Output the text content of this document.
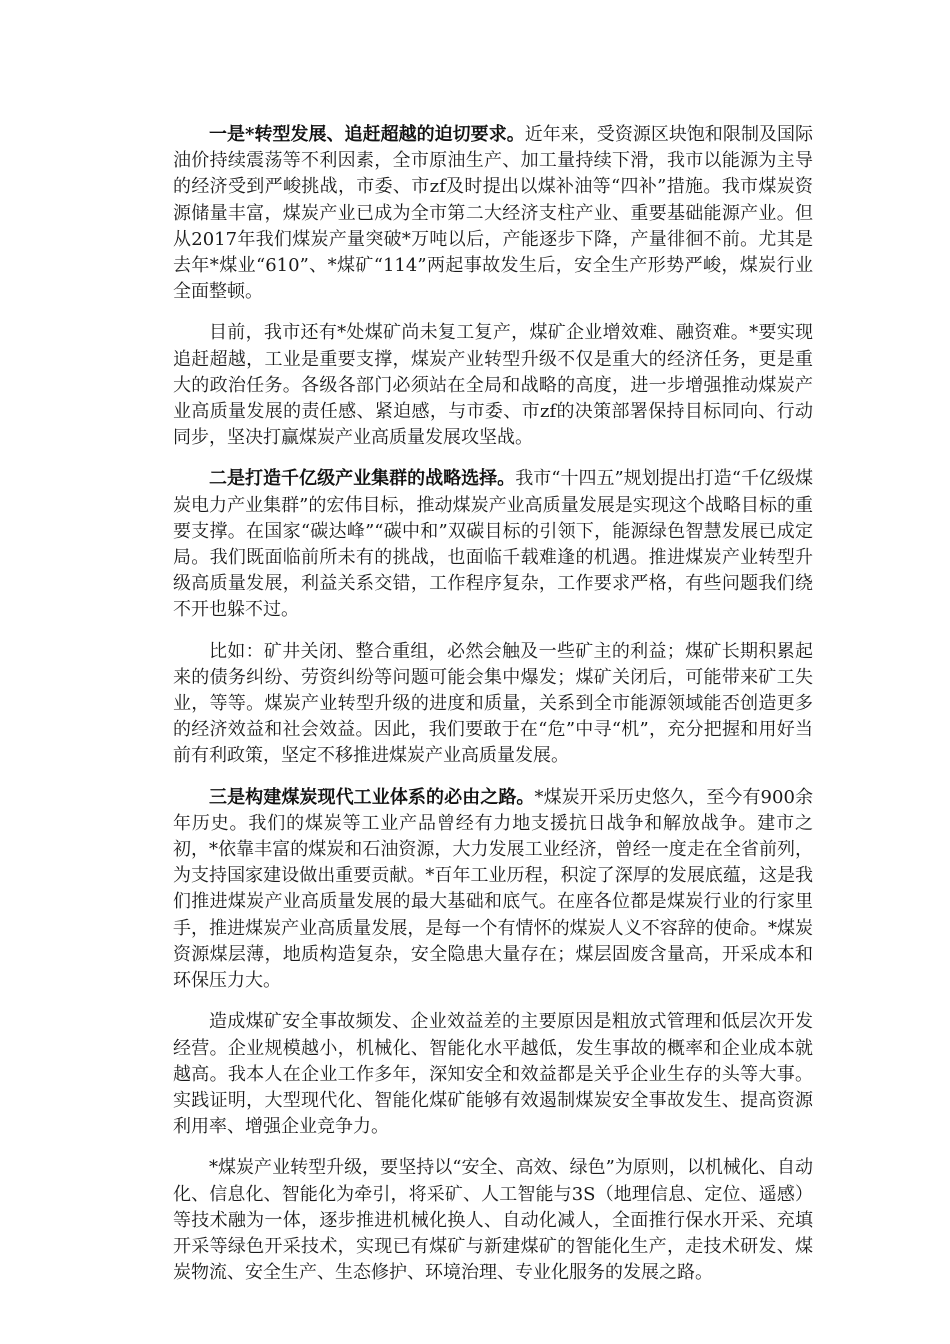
一是*转型发展、追赶超越的迫切要求。近年来，受资源区块饱和限制及国际油价持续震荡等不利因素，全市原油生产、加工量持续下滑，我市以能源为主导的经济受到严峻挑战，市委、市zf及时提出以煤补油等“四补”措施。我市煤炭资源储量丰富，煤炭产业已成为全市第二大经济支柱产业、重要基础能源产业。但从2017年我们煤炭产量突破*万吨以后，产能逐步下降，产量徘徊不前。尤其是去年*煤业“610”、*煤矿“114”两起事故发生后，安全生产形势严峻，煤炭行业全面整顿。

目前，我市还有*处煤矿尚未复工复产，煤矿企业增效难、融资难。*要实现追赶超越，工业是重要支撑，煤炭产业转型升级不仅是重大的经济任务，更是重大的政治任务。各级各部门必须站在全局和战略的高度，进一步增强推动煤炭产业高质量发展的责任感、紧迫感，与市委、市zf的决策部署保持目标同向、行动同步，坚决打赢煤炭产业高质量发展攻坚战。

二是打造千亿级产业集群的战略选择。我市“十四五”规划提出打造“千亿级煤炭电力产业集群”的宏伟目标，推动煤炭产业高质量发展是实现这个战略目标的重要支撑。在国家“碳达峰”“碳中和”双碳目标的引领下，能源绿色智慧发展已成定局。我们既面临前所未有的挑战，也面临千载难逢的机遇。推进煤炭产业转型升级高质量发展，利益关系交错，工作程序复杂，工作要求严格，有些问题我们绕不开也躲不过。

比如：矿井关闭、整合重组，必然会触及一些矿主的利益；煤矿长期积累起来的债务纠纷、劳资纠纷等问题可能会集中爆发；煤矿关闭后，可能带来矿工失业，等等。煤炭产业转型升级的进度和质量，关系到全市能源领域能否创造更多的经济效益和社会效益。因此，我们要敢于在“危”中寻“机”，充分把握和用好当前有利政策，坚定不移推进煤炭产业高质量发展。

三是构建煤炭现代工业体系的必由之路。*煤炭开采历史悠久，至今有900余年历史。我们的煤炭等工业产品曾经有力地支援抗日战争和解放战争。建市之初，*依靠丰富的煤炭和石油资源，大力发展工业经济，曾经一度走在全省前列，为支持国家建设做出重要贡献。*百年工业历程，积淀了深厚的发展底蕴，这是我们推进煤炭产业高质量发展的最大基础和底气。在座各位都是煤炭行业的行家里手，推进煤炭产业高质量发展，是每一个有情怀的煤炭人义不容辞的使命。*煤炭资源煤层薄，地质构造复杂，安全隐患大量存在；煤层固废含量高，开采成本和环保压力大。

造成煤矿安全事故频发、企业效益差的主要原因是粗放式管理和低层次开发经营。企业规模越小，机械化、智能化水平越低，发生事故的概率和企业成本就越高。我本人在企业工作多年，深知安全和效益都是关乎企业生存的头等大事。实践证明，大型现代化、智能化煤矿能够有效遏制煤炭安全事故发生、提高资源利用率、增强企业竞争力。

*煤炭产业转型升级，要坚持以“安全、高效、绿色”为原则，以机械化、自动化、信息化、智能化为牵引，将采矿、人工智能与3S（地理信息、定位、遥感）等技术融为一体，逐步推进机械化换人、自动化减人，全面推行保水开采、充填开采等绿色开采技术，实现已有煤矿与新建煤矿的智能化生产，走技术研发、煤炭物流、安全生产、生态修护、环境治理、专业化服务的发展之路。
